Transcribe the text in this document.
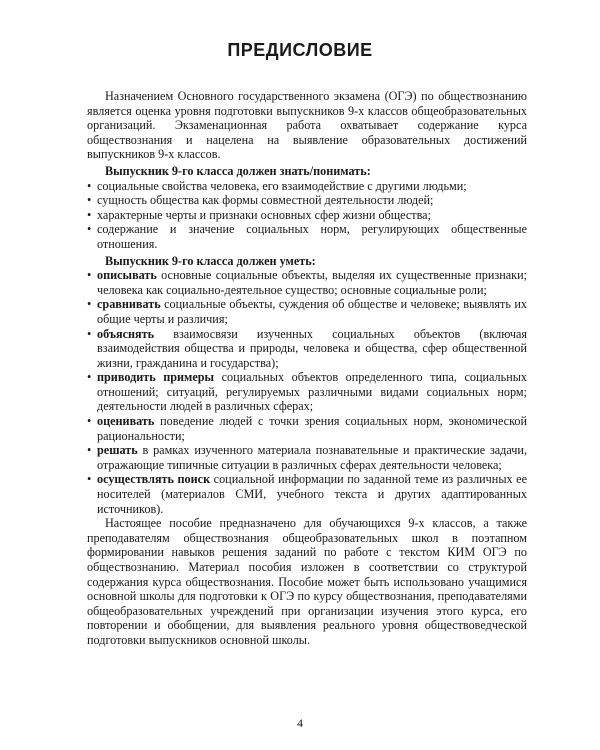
ПРЕДИСЛОВИЕ

Назначением Основного государственного экзамена (ОГЭ) по обществознанию является оценка уровня подготовки выпускников 9-х классов общеобразовательных организаций. Экзаменационная работа охватывает содержание курса обществознания и нацелена на выявление образовательных достижений выпускников 9-х классов.

Выпускник 9-го класса должен знать/понимать:

• социальные свойства человека, его взаимодействие с другими людьми;
• сущность общества как формы совместной деятельности людей;
• характерные черты и признаки основных сфер жизни общества;
• содержание и значение социальных норм, регулирующих общественные отношения.

Выпускник 9-го класса должен уметь:

• описывать основные социальные объекты, выделяя их существенные признаки; человека как социально-деятельное существо; основные социальные роли;
• сравнивать социальные объекты, суждения об обществе и человеке; выявлять их общие черты и различия;
• объяснять взаимосвязи изученных социальных объектов (включая взаимодействия общества и природы, человека и общества, сфер общественной жизни, гражданина и государства);
• приводить примеры социальных объектов определенного типа, социальных отношений; ситуаций, регулируемых различными видами социальных норм; деятельности людей в различных сферах;
• оценивать поведение людей с точки зрения социальных норм, экономической рациональности;
• решать в рамках изученного материала познавательные и практические задачи, отражающие типичные ситуации в различных сферах деятельности человека;
• осуществлять поиск социальной информации по заданной теме из различных ее носителей (материалов СМИ, учебного текста и других адаптированных источников).

Настоящее пособие предназначено для обучающихся 9-х классов, а также преподавателям обществознания общеобразовательных школ в поэтапном формировании навыков решения заданий по работе с текстом КИМ ОГЭ по обществознанию. Материал пособия изложен в соответствии со структурой содержания курса обществознания. Пособие может быть использовано учащимися основной школы для подготовки к ОГЭ по курсу обществознания, преподавателями общеобразовательных учреждений при организации изучения этого курса, его повторении и обобщении, для выявления реального уровня обществоведческой подготовки выпускников основной школы.

4
